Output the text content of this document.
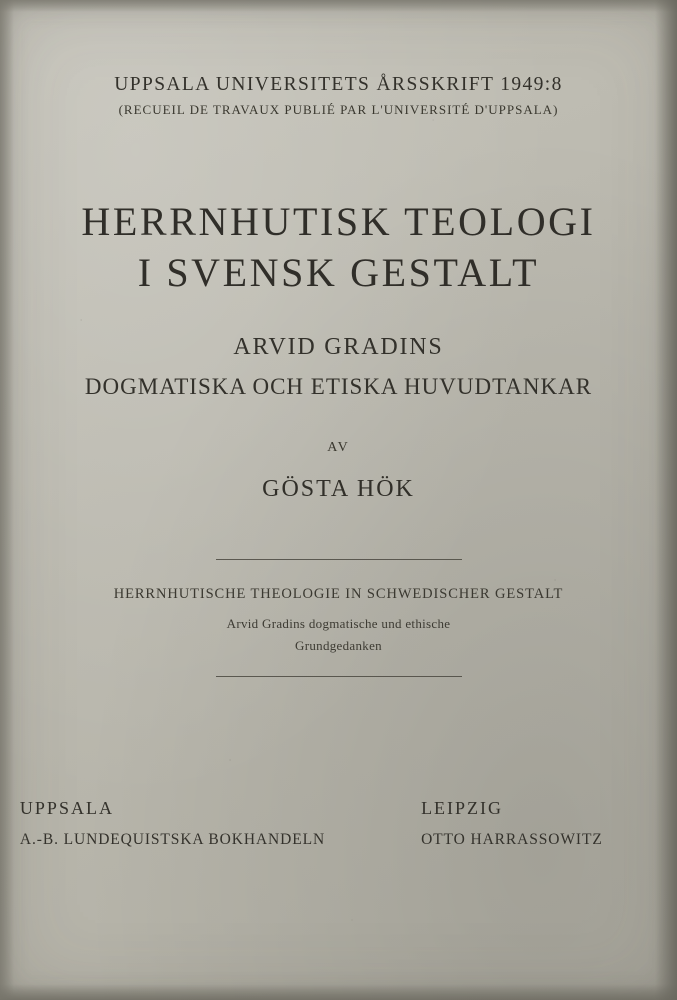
UPPSALA UNIVERSITETS ÅRSSKRIFT 1949:8
(RECUEIL DE TRAVAUX PUBLIÉ PAR L'UNIVERSITÉ D'UPPSALA)
HERRNHUTISK TEOLOGI
I SVENSK GESTALT
ARVID GRADINS
DOGMATISKA OCH ETISKA HUVUDTANKAR
AV
GÖSTA HÖK
HERRNHUTISCHE THEOLOGIE IN SCHWEDISCHER GESTALT
Arvid Gradins dogmatische und ethische
Grundgedanken
UPPSALA
A.-B. LUNDEQUISTSKA BOKHANDELN
LEIPZIG
OTTO HARRASSOWITZ
